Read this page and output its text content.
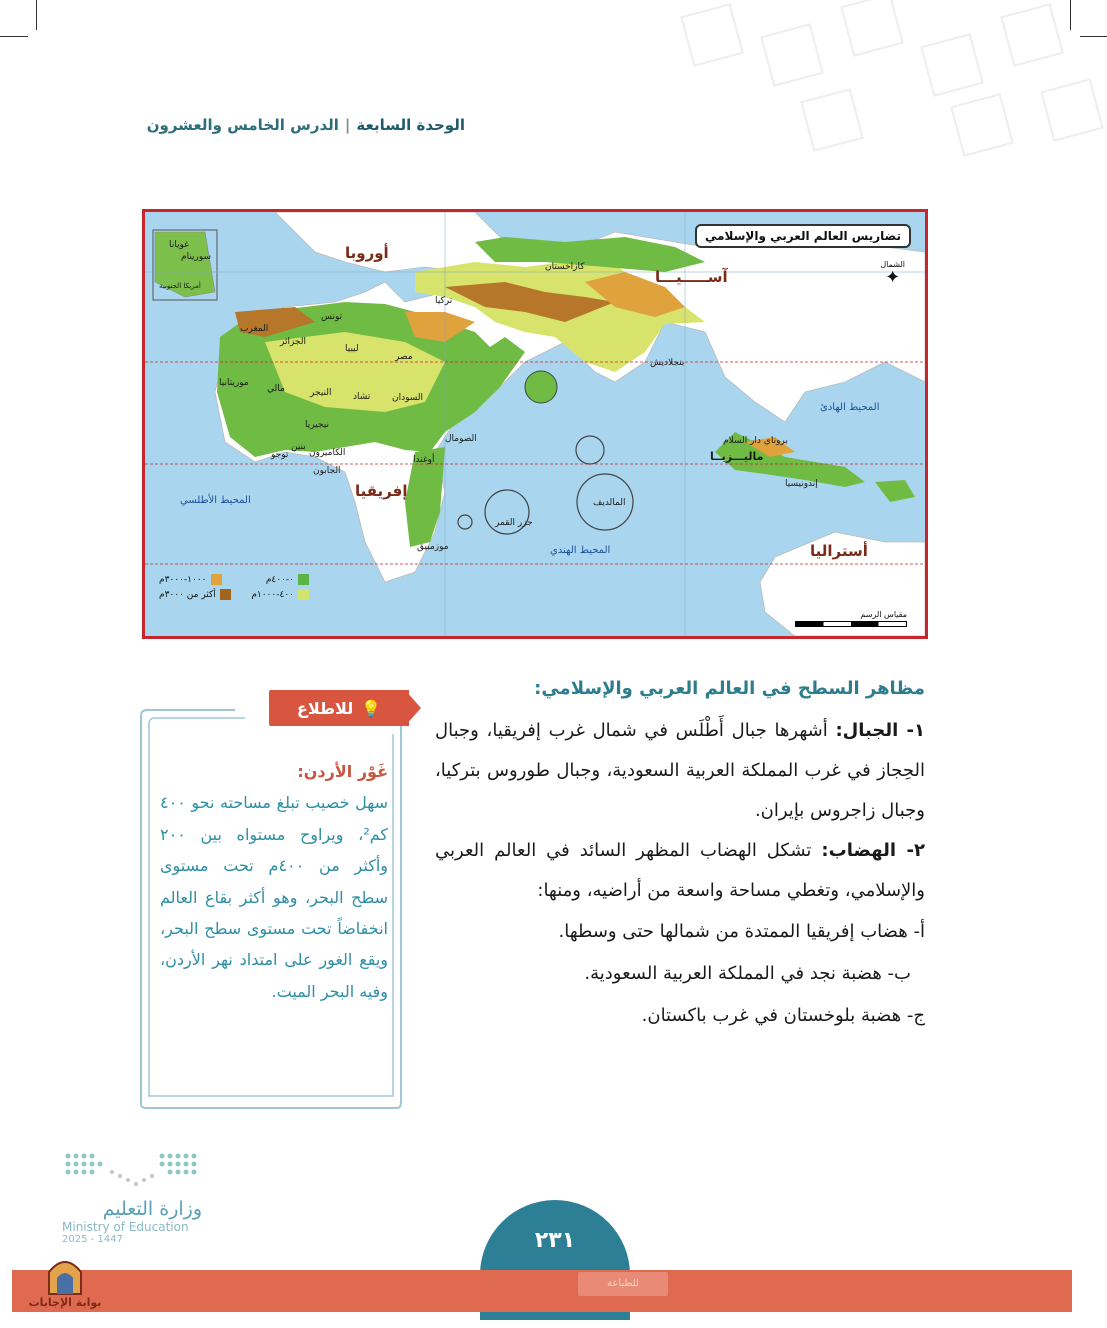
الوحدة السابعة|الدرس الخامس والعشرون
تضاريس العالم العربي والإسلامي
الشمال
✦
أوروبا
آســـــيـــا
إفريقيا
أستراليا
المحيط الهادئ
المحيط الأطلسي
المحيط الهندي
مصر
ليبيا
الجزائر
المغرب
تونس
موريتانيا
مالي	النيجر تشاد السودان
نيجيريا
الكاميرون
الجابون
توجو
بنين
أوغندا
الصومال
موزمبيق
تركيا
كازاخستان
بنجلاديش
بروناي دار السلام
ماليـــزيــا
إندونيسيا
المالديف
جزر القمر
غويانا
سورينام
أمريكا الجنوبية
٠-٤٠٠م
١٠٠٠-٣٠٠٠م
٤٠٠-١٠٠٠م
أكثر من ٣٠٠٠م
مقياس الرسم
مظاهر السطح في العالم العربي والإسلامي:

١- الجبال: أشهرها جبال أَطْلَس في شمال غرب إفريقيا، وجبال الحِجاز في غرب المملكة العربية السعودية، وجبال طوروس بتركيا، وجبال زاجروس بإيران.

٢- الهضاب: تشكل الهضاب المظهر السائد في العالم العربي والإسلامي، وتغطي مساحة واسعة من أراضيه، ومنها:

أ- هضاب إفريقيا الممتدة من شمالها حتى وسطها.

ب- هضبة نجد في المملكة العربية السعودية.

ج- هضبة بلوخستان في غرب باكستان.

💡
للاطلاع
غَوْر الأردن:
سهل خصيب تبلغ مساحته نحو ٤٠٠ كم²، ويراوح مستواه بين ٢٠٠ وأكثر من ٤٠٠م تحت مستوى سطح البحر، وهو أكثر بقاع العالم انخفاضاً تحت مستوى سطح البحر، ويقع الغور على امتداد نهر الأردن، وفيه البحر الميت.
وزارة التعليم
Ministry of Education
2025 - 1447	٢٣١
للطباعة
بوابة الإجابات
